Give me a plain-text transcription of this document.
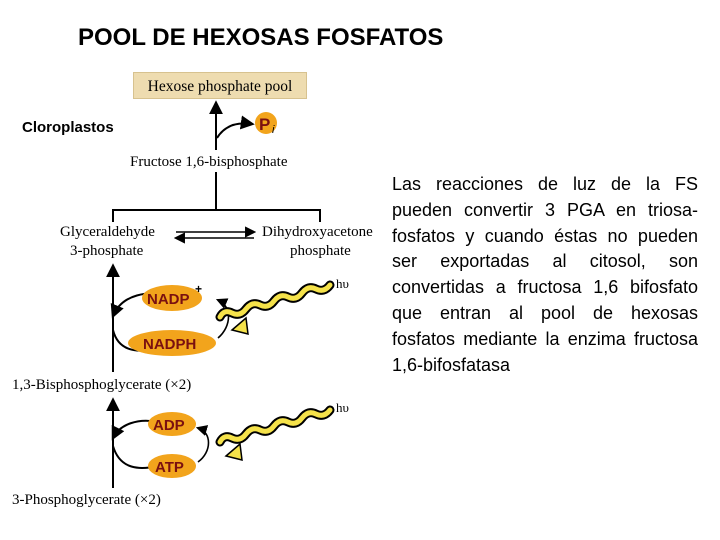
POOL DE HEXOSAS FOSFATOS
Cloroplastos
Hexose phosphate pool
Fructose 1,6-bisphosphate
Glyceraldehyde
3-phosphate
Dihydroxyacetone
phosphate
1,3-Bisphosphoglycerate (×2)
3-Phosphoglycerate (×2)
hυ
hυ
P i
NADP
+
NADPH
ADP
ATP
Las reacciones de luz de la FS pueden convertir 3 PGA en triosa-fosfatos y cuando éstas no pueden ser exportadas al citosol, son convertidas a fructosa 1,6 bifosfato que entran al pool de hexosas fosfatos mediante la enzima fructosa 1,6-bifosfatasa
